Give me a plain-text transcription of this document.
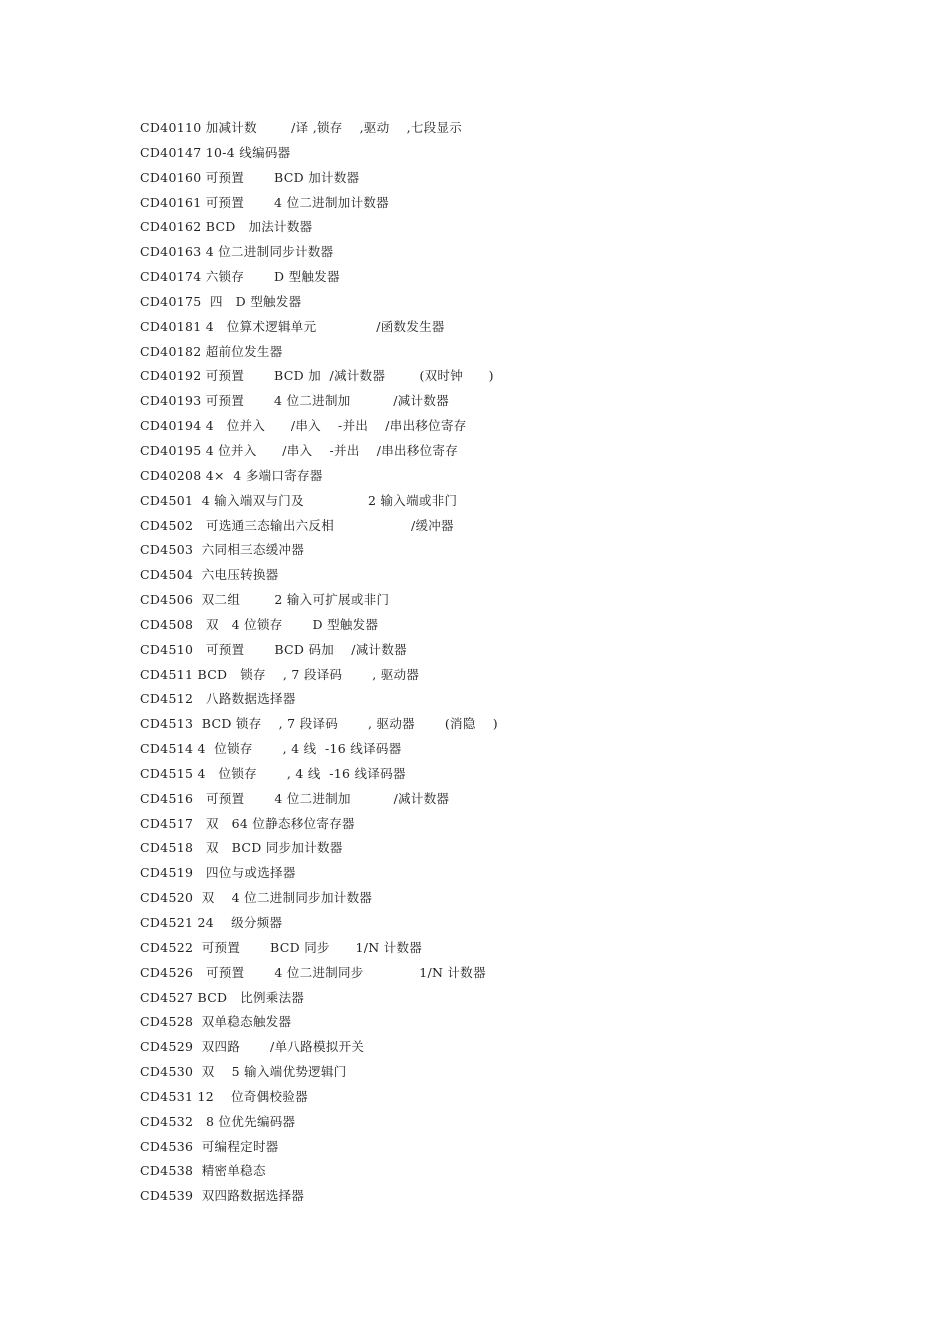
CD40110 加减计数        /译 ,锁存    ,驱动    ,七段显示
CD40147 10-4 线编码器
CD40160 可预置       BCD 加计数器
CD40161 可预置       4 位二进制加计数器
CD40162 BCD   加法计数器
CD40163 4 位二进制同步计数器
CD40174 六锁存       D 型触发器
CD40175  四   D 型触发器
CD40181 4   位算术逻辑单元              /函数发生器
CD40182 超前位发生器
CD40192 可预置       BCD 加  /减计数器        (双时钟      )
CD40193 可预置       4 位二进制加          /减计数器
CD40194 4   位并入      /串入    -并出    /串出移位寄存
CD40195 4 位并入      /串入    -并出    /串出移位寄存
CD40208 4×  4 多端口寄存器
CD4501  4 输入端双与门及               2 输入端或非门
CD4502   可选通三态输出六反相                  /缓冲器
CD4503  六同相三态缓冲器
CD4504  六电压转换器
CD4506  双二组        2 输入可扩展或非门
CD4508   双   4 位锁存       D 型触发器
CD4510   可预置       BCD 码加    /减计数器
CD4511 BCD   锁存    , 7 段译码       , 驱动器
CD4512   八路数据选择器
CD4513  BCD 锁存    , 7 段译码       , 驱动器       (消隐    )
CD4514 4  位锁存       , 4 线  -16 线译码器
CD4515 4   位锁存       , 4 线  -16 线译码器
CD4516   可预置       4 位二进制加          /减计数器
CD4517   双   64 位静态移位寄存器
CD4518   双   BCD 同步加计数器
CD4519   四位与或选择器
CD4520  双    4 位二进制同步加计数器
CD4521 24    级分频器
CD4522  可预置       BCD 同步      1/N 计数器
CD4526   可预置       4 位二进制同步             1/N 计数器
CD4527 BCD   比例乘法器
CD4528  双单稳态触发器
CD4529  双四路       /单八路模拟开关
CD4530  双    5 输入端优势逻辑门
CD4531 12    位奇偶校验器
CD4532   8 位优先编码器
CD4536  可编程定时器
CD4538  精密单稳态
CD4539  双四路数据选择器
